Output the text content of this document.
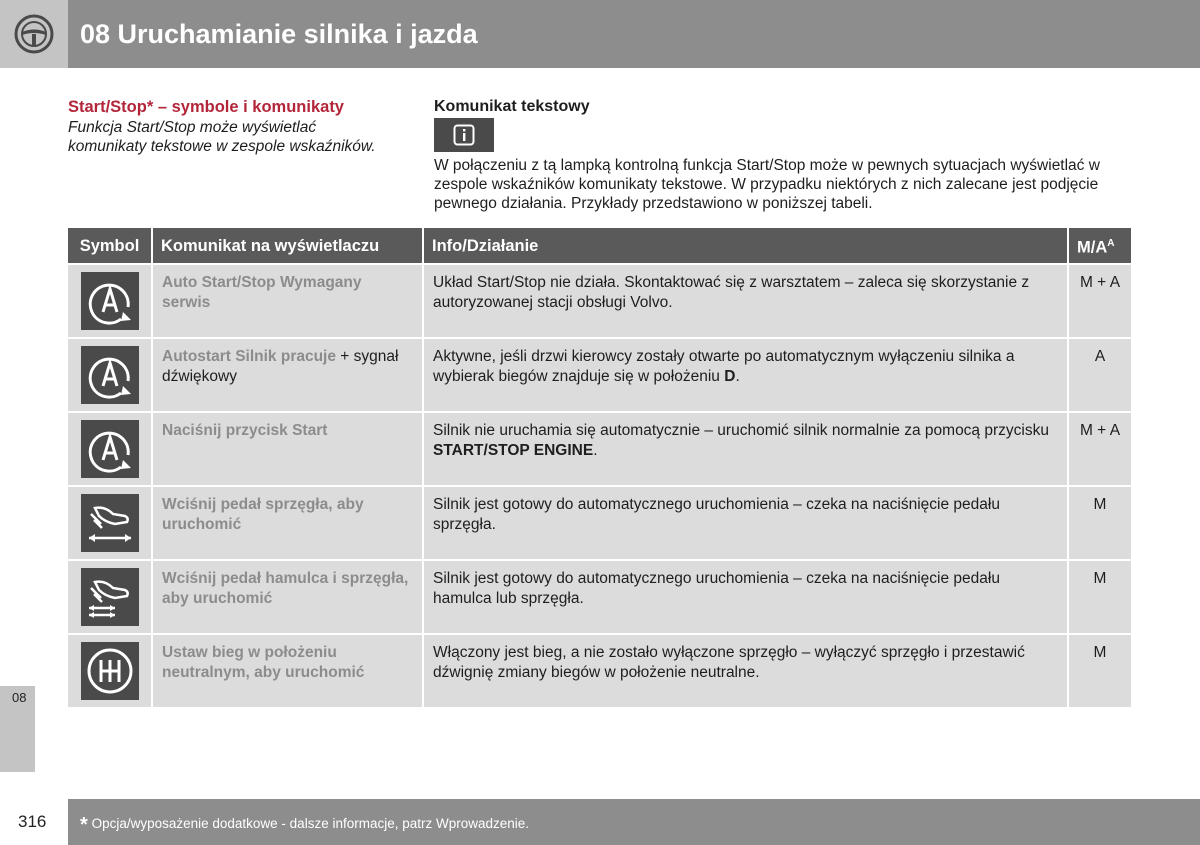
08 Uruchamianie silnika i jazda
Start/Stop* – symbole i komunikaty
Funkcja Start/Stop może wyświetlać komunikaty tekstowe w zespole wskaźników.
Komunikat tekstowy
W połączeniu z tą lampką kontrolną funkcja Start/Stop może w pewnych sytuacjach wyświetlać w zespole wskaźników komunikaty tekstowe. W przypadku niektórych z nich zalecane jest podjęcie pewnego działania. Przykłady przedstawiono w poniższej tabeli.
Symbol	Komunikat na wyświetlaczu	Info/Działanie	$M/A^A$
	Auto Start/Stop Wymagany serwis	Układ Start/Stop nie działa. Skontaktować się z warsztatem – zaleca się skorzystanie z autoryzowanej stacji obsługi Volvo.	M + A
	Autostart Silnik pracuje + sygnał dźwiękowy	Aktywne, jeśli drzwi kierowcy zostały otwarte po automatycznym wyłączeniu silnika a wybierak biegów znajduje się w położeniu D.	A
	Naciśnij przycisk Start	Silnik nie uruchamia się automatycznie – uruchomić silnik normalnie za pomocą przycisku START/STOP ENGINE.	M + A
	Wciśnij pedał sprzęgła, aby uruchomić	Silnik jest gotowy do automatycznego uruchomienia – czeka na naciśnięcie pedału sprzęgła.	M
	Wciśnij pedał hamulca i sprzęgła, aby uruchomić	Silnik jest gotowy do automatycznego uruchomienia – czeka na naciśnięcie pedału hamulca lub sprzęgła.	M
	Ustaw bieg w położeniu neutralnym, aby uruchomić	Włączony jest bieg, a nie zostało wyłączone sprzęgło – wyłączyć sprzęgło i przestawić dźwignię zmiany biegów w położenie neutralne.	M
08
316	* Opcja/wyposażenie dodatkowe - dalsze informacje, patrz Wprowadzenie.
